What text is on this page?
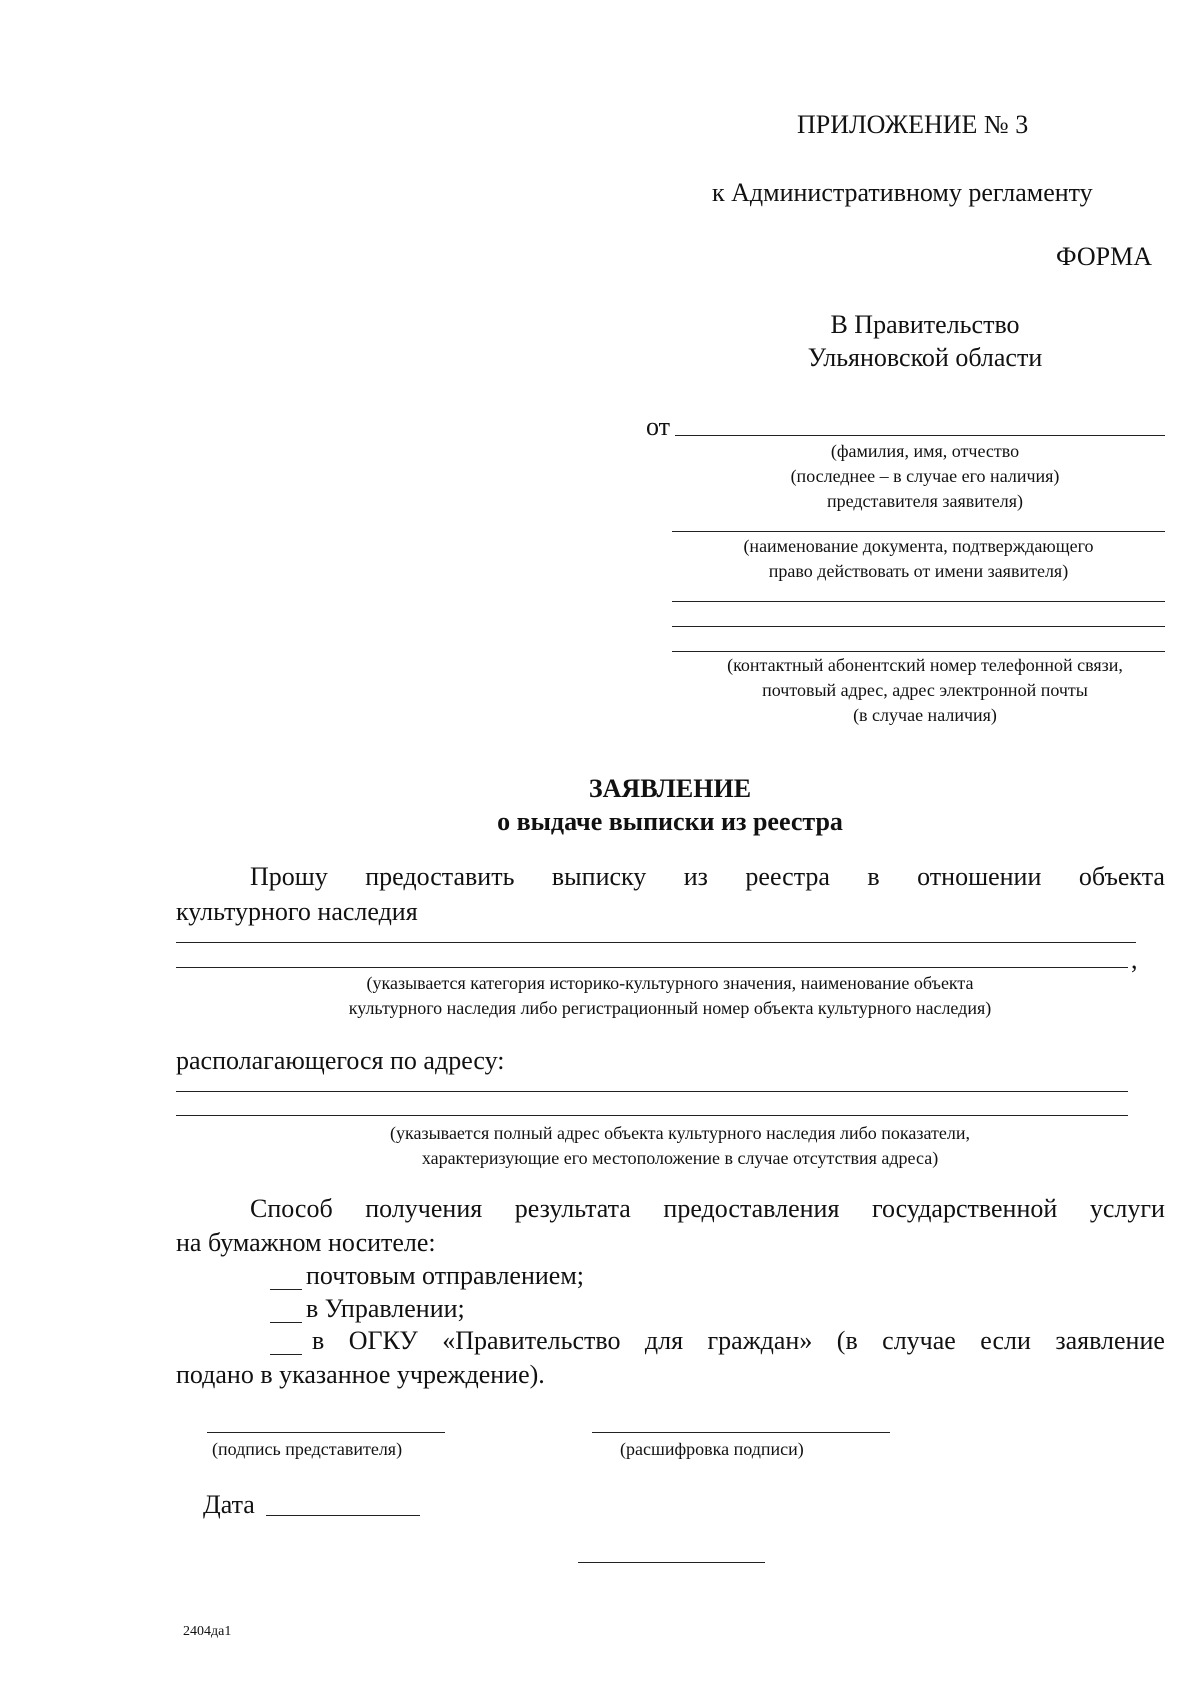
ПРИЛОЖЕНИЕ № 3
к Административному регламенту
ФОРМА
В Правительство
Ульяновской области
от
(фамилия, имя, отчество
(последнее – в случае его наличия)
представителя заявителя)
(наименование документа, подтверждающего
право действовать от имени заявителя)
(контактный абонентский номер телефонной связи,
почтовый адрес, адрес электронной почты
(в случае наличия)
ЗАЯВЛЕНИЕ
о выдаче выписки из реестра
Прошу предоставить выписку из реестра в отношении объекта
культурного наследия
,
(указывается категория историко-культурного значения, наименование объекта
культурного наследия либо регистрационный номер объекта культурного наследия)
располагающегося по адресу:
(указывается полный адрес объекта культурного наследия либо показатели,
характеризующие его местоположение в случае отсутствия адреса)
Способ получения результата предоставления государственной услуги
на бумажном носителе:
почтовым отправлением;
в Управлении;
в ОГКУ «Правительство для граждан» (в случае если заявление
подано в указанное учреждение).
(подпись представителя)	(расшифровка подписи)
Дата
2404да1
